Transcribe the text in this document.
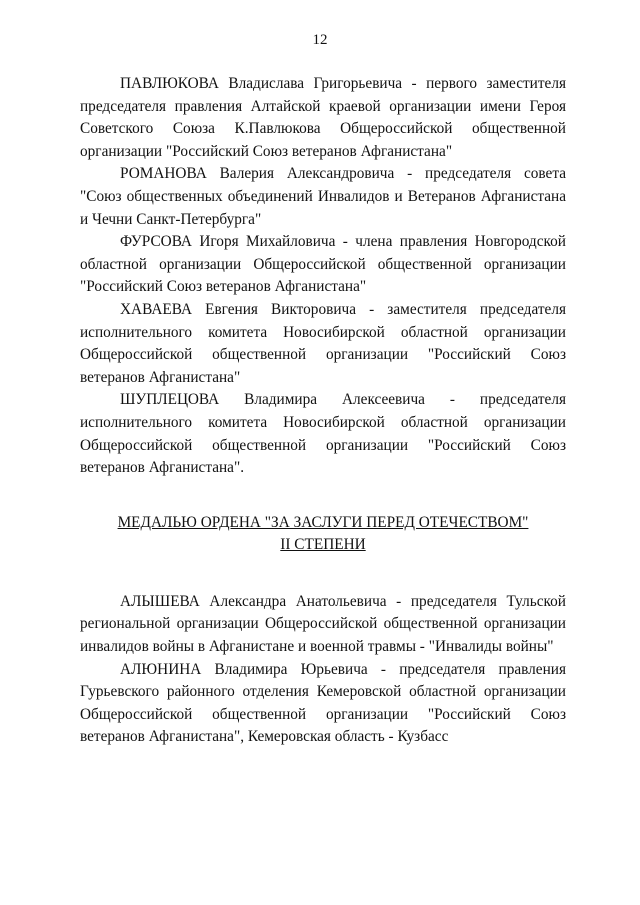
12

ПАВЛЮКОВА Владислава Григорьевича - первого заместителя председателя правления Алтайской краевой организации имени Героя Советского Союза К.Павлюкова Общероссийской общественной организации "Российский Союз ветеранов Афганистана"

РОМАНОВА Валерия Александровича - председателя совета "Союз общественных объединений Инвалидов и Ветеранов Афганистана и Чечни Санкт-Петербурга"

ФУРСОВА Игоря Михайловича - члена правления Новгородской областной организации Общероссийской общественной организации "Российский Союз ветеранов Афганистана"

ХАВАЕВА Евгения Викторовича - заместителя председателя исполнительного комитета Новосибирской областной организации Общероссийской общественной организации "Российский Союз ветеранов Афганистана"

ШУПЛЕЦОВА Владимира Алексеевича - председателя исполнительного комитета Новосибирской областной организации Общероссийской общественной организации "Российский Союз ветеранов Афганистана".

МЕДАЛЬЮ ОРДЕНА "ЗА ЗАСЛУГИ ПЕРЕД ОТЕЧЕСТВОМ"
II СТЕПЕНИ

АЛЫШЕВА Александра Анатольевича - председателя Тульской региональной организации Общероссийской общественной организации инвалидов войны в Афганистане и военной травмы - "Инвалиды войны"

АЛЮНИНА Владимира Юрьевича - председателя правления Гурьевского районного отделения Кемеровской областной организации Общероссийской общественной организации "Российский Союз ветеранов Афганистана", Кемеровская область - Кузбасс
